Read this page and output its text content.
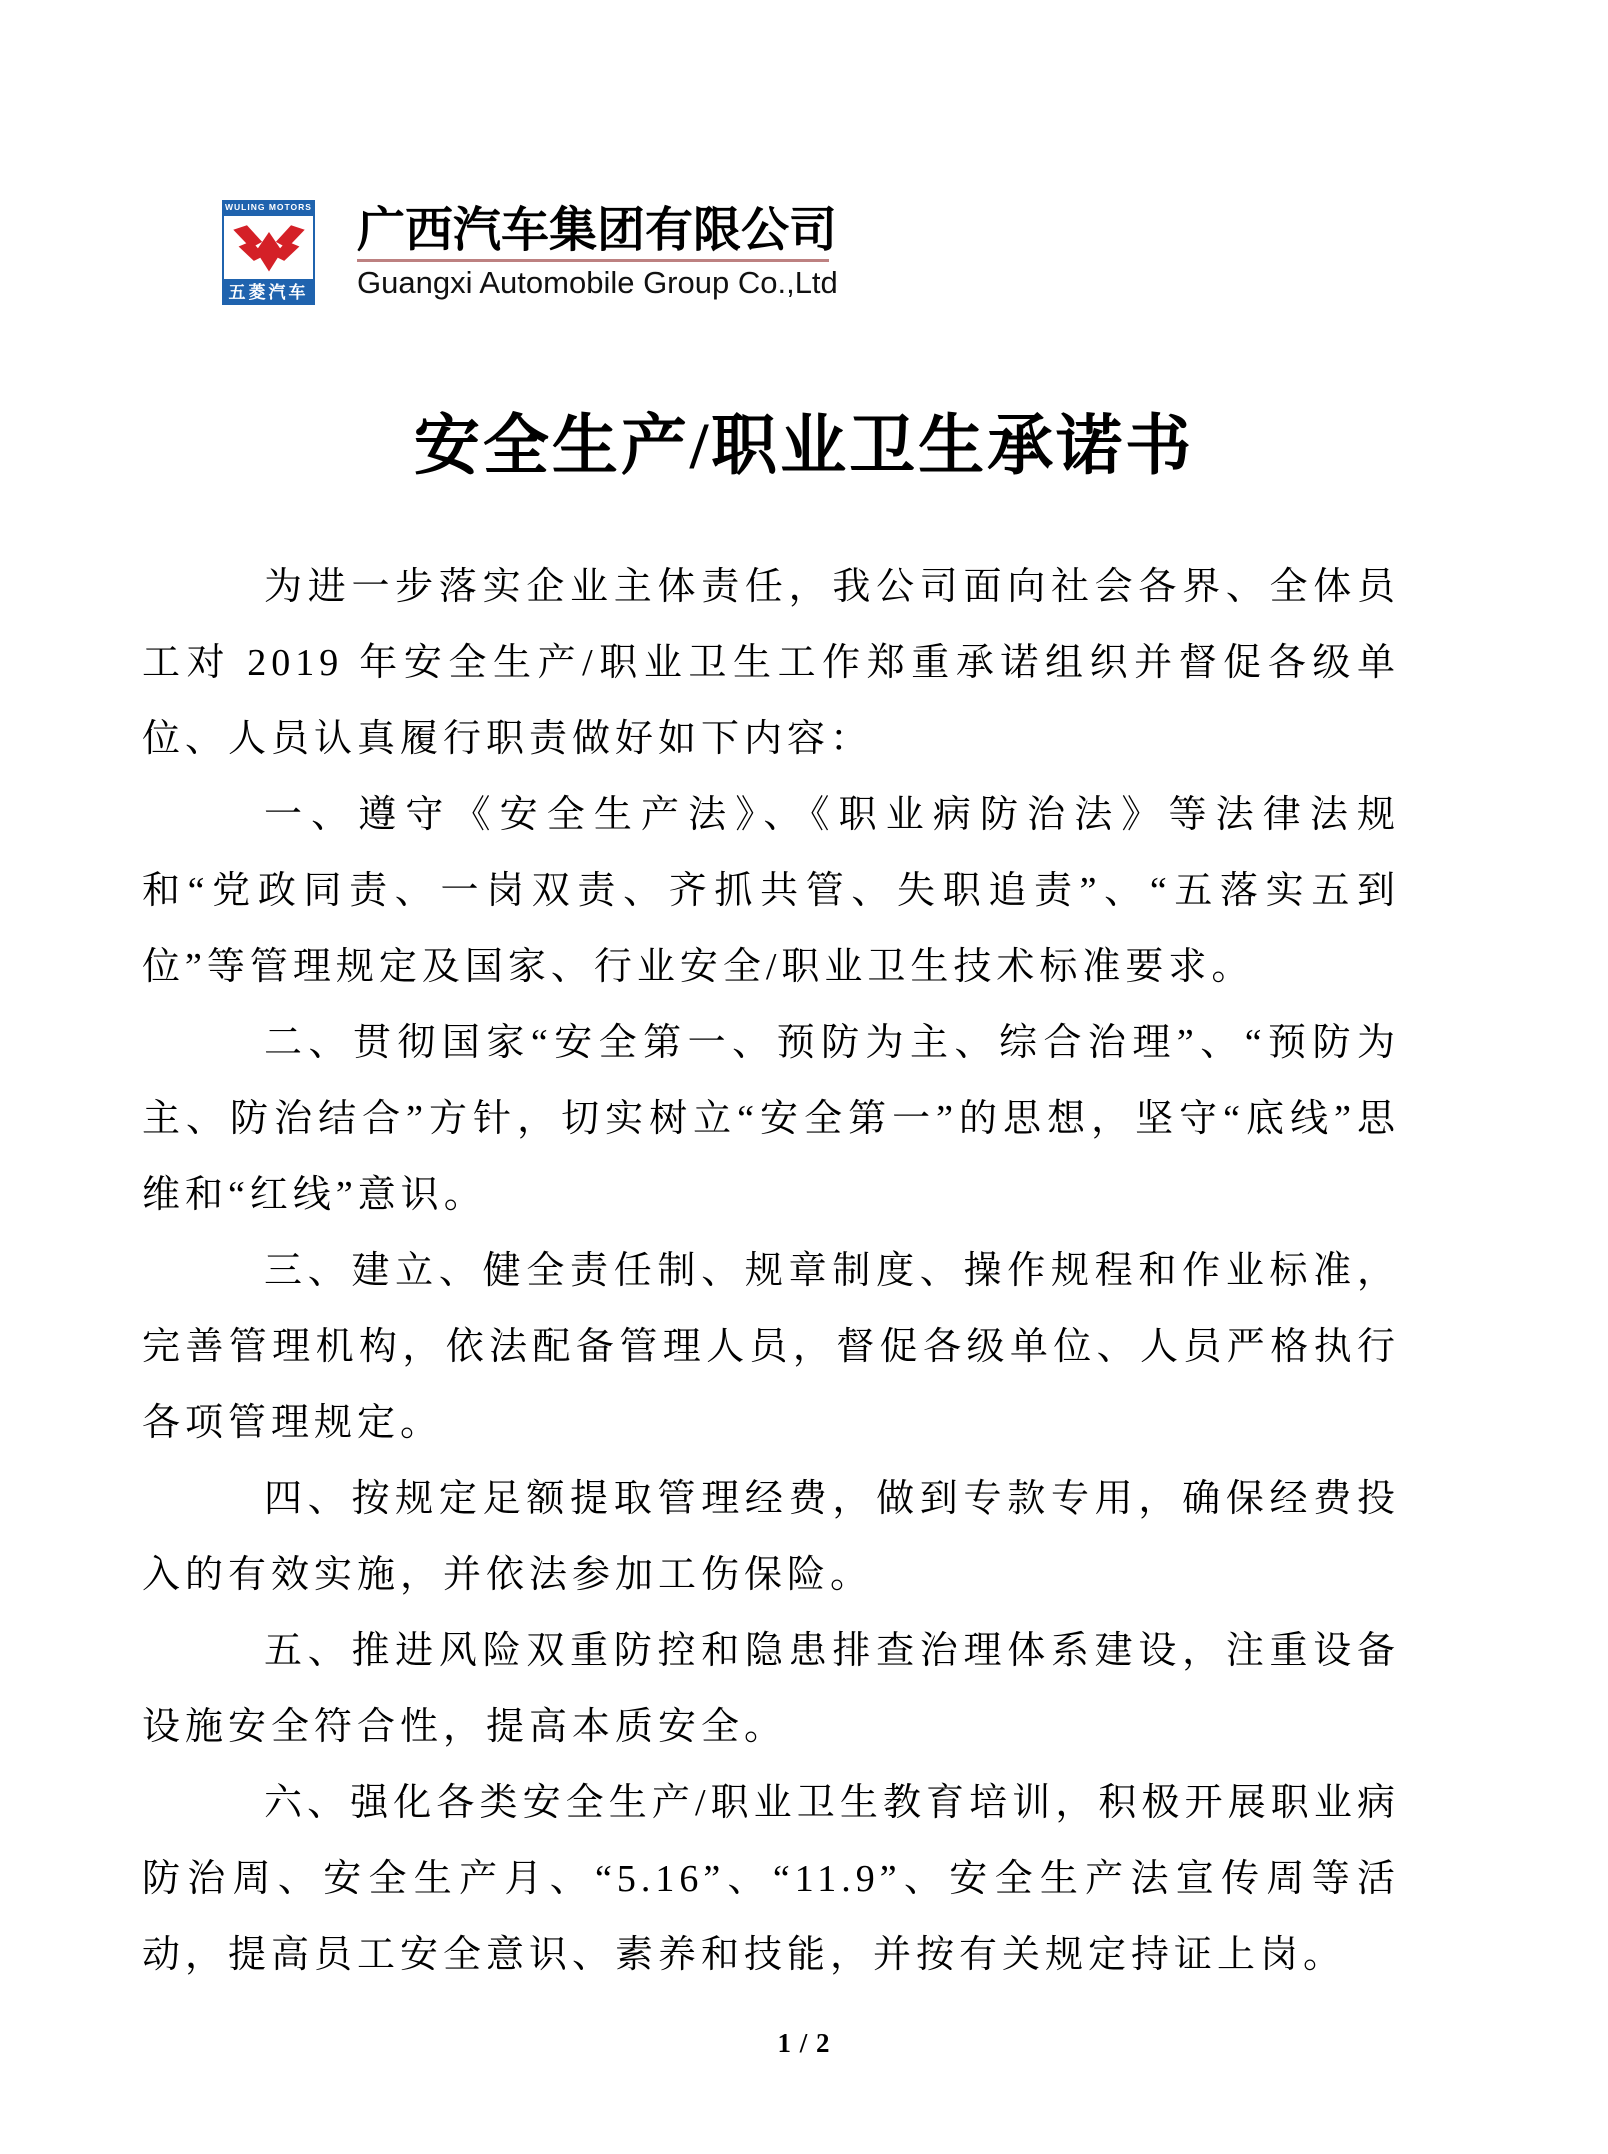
WULING MOTORS
五菱汽车
广西汽车集团有限公司
Guangxi Automobile Group Co.,Ltd
安全生产/职业卫生承诺书

为进一步落实企业主体责任，我公司面向社会各界、全体员工对 2019 年安全生产/职业卫生工作郑重承诺组织并督促各级单位、人员认真履行职责做好如下内容：

一、遵守《安全生产法》、《职业病防治法》等法律法规和“党政同责、一岗双责、齐抓共管、失职追责”、“五落实五到位”等管理规定及国家、行业安全/职业卫生技术标准要求。

二、贯彻国家“安全第一、预防为主、综合治理”、“预防为主、防治结合”方针，切实树立“安全第一”的思想，坚守“底线”思维和“红线”意识。

三、建立、健全责任制、规章制度、操作规程和作业标准，完善管理机构，依法配备管理人员，督促各级单位、人员严格执行各项管理规定。

四、按规定足额提取管理经费，做到专款专用，确保经费投入的有效实施，并依法参加工伤保险。

五、推进风险双重防控和隐患排查治理体系建设，注重设备设施安全符合性，提高本质安全。

六、强化各类安全生产/职业卫生教育培训，积极开展职业病防治周、安全生产月、“5.16”、“11.9”、安全生产法宣传周等活动，提高员工安全意识、素养和技能，并按有关规定持证上岗。

1 / 2
